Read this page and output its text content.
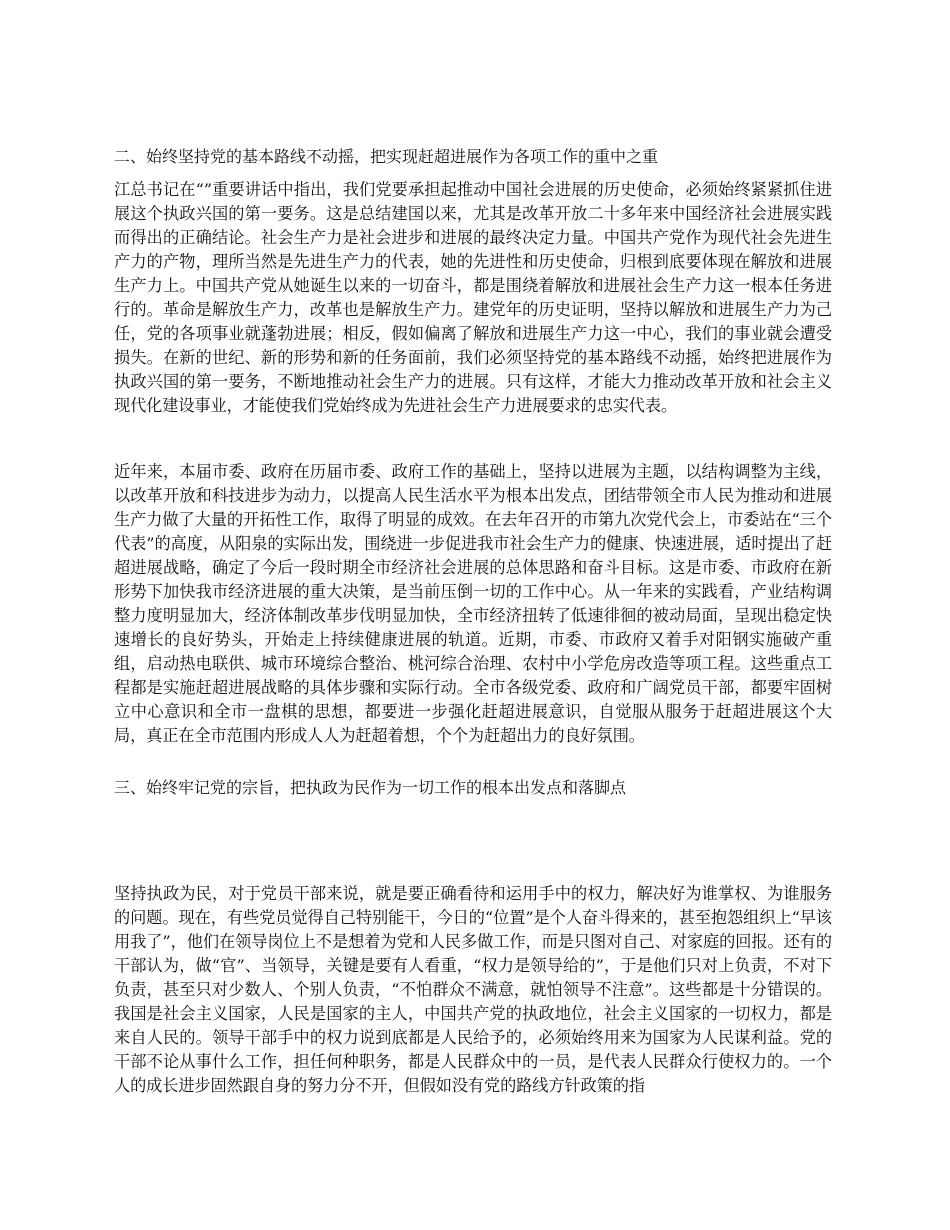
二、始终坚持党的基本路线不动摇，把实现赶超进展作为各项工作的重中之重

江总书记在“”重要讲话中指出，我们党要承担起推动中国社会进展的历史使命，必须始终紧紧抓住进展这个执政兴国的第一要务。这是总结建国以来，尤其是改革开放二十多年来中国经济社会进展实践而得出的正确结论。社会生产力是社会进步和进展的最终决定力量。中国共产党作为现代社会先进生产力的产物，理所当然是先进生产力的代表，她的先进性和历史使命，归根到底要体现在解放和进展生产力上。中国共产党从她诞生以来的一切奋斗，都是围绕着解放和进展社会生产力这一根本任务进行的。革命是解放生产力，改革也是解放生产力。建党年的历史证明，坚持以解放和进展生产力为己任，党的各项事业就蓬勃进展；相反，假如偏离了解放和进展生产力这一中心，我们的事业就会遭受损失。在新的世纪、新的形势和新的任务面前，我们必须坚持党的基本路线不动摇，始终把进展作为执政兴国的第一要务，不断地推动社会生产力的进展。只有这样，才能大力推动改革开放和社会主义现代化建设事业，才能使我们党始终成为先进社会生产力进展要求的忠实代表。

近年来，本届市委、政府在历届市委、政府工作的基础上，坚持以进展为主题，以结构调整为主线，以改革开放和科技进步为动力，以提高人民生活水平为根本出发点，团结带领全市人民为推动和进展生产力做了大量的开拓性工作，取得了明显的成效。在去年召开的市第九次党代会上，市委站在“三个代表”的高度，从阳泉的实际出发，围绕进一步促进我市社会生产力的健康、快速进展，适时提出了赶超进展战略，确定了今后一段时期全市经济社会进展的总体思路和奋斗目标。这是市委、市政府在新形势下加快我市经济进展的重大决策，是当前压倒一切的工作中心。从一年来的实践看，产业结构调整力度明显加大，经济体制改革步伐明显加快，全市经济扭转了低速徘徊的被动局面，呈现出稳定快速增长的良好势头，开始走上持续健康进展的轨道。近期，市委、市政府又着手对阳钢实施破产重组，启动热电联供、城市环境综合整治、桃河综合治理、农村中小学危房改造等项工程。这些重点工程都是实施赶超进展战略的具体步骤和实际行动。全市各级党委、政府和广阔党员干部，都要牢固树立中心意识和全市一盘棋的思想，都要进一步强化赶超进展意识，自觉服从服务于赶超进展这个大局，真正在全市范围内形成人人为赶超着想，个个为赶超出力的良好氛围。

三、始终牢记党的宗旨，把执政为民作为一切工作的根本出发点和落脚点

坚持执政为民，对于党员干部来说，就是要正确看待和运用手中的权力，解决好为谁掌权、为谁服务的问题。现在，有些党员觉得自己特别能干，今日的“位置”是个人奋斗得来的，甚至抱怨组织上“早该用我了”，他们在领导岗位上不是想着为党和人民多做工作，而是只图对自己、对家庭的回报。还有的干部认为，做“官”、当领导，关键是要有人看重，“权力是领导给的”，于是他们只对上负责，不对下负责，甚至只对少数人、个别人负责，“不怕群众不满意，就怕领导不注意”。这些都是十分错误的。我国是社会主义国家，人民是国家的主人，中国共产党的执政地位，社会主义国家的一切权力，都是来自人民的。领导干部手中的权力说到底都是人民给予的，必须始终用来为国家为人民谋利益。党的干部不论从事什么工作，担任何种职务，都是人民群众中的一员，是代表人民群众行使权力的。一个人的成长进步固然跟自身的努力分不开，但假如没有党的路线方针政策的指
